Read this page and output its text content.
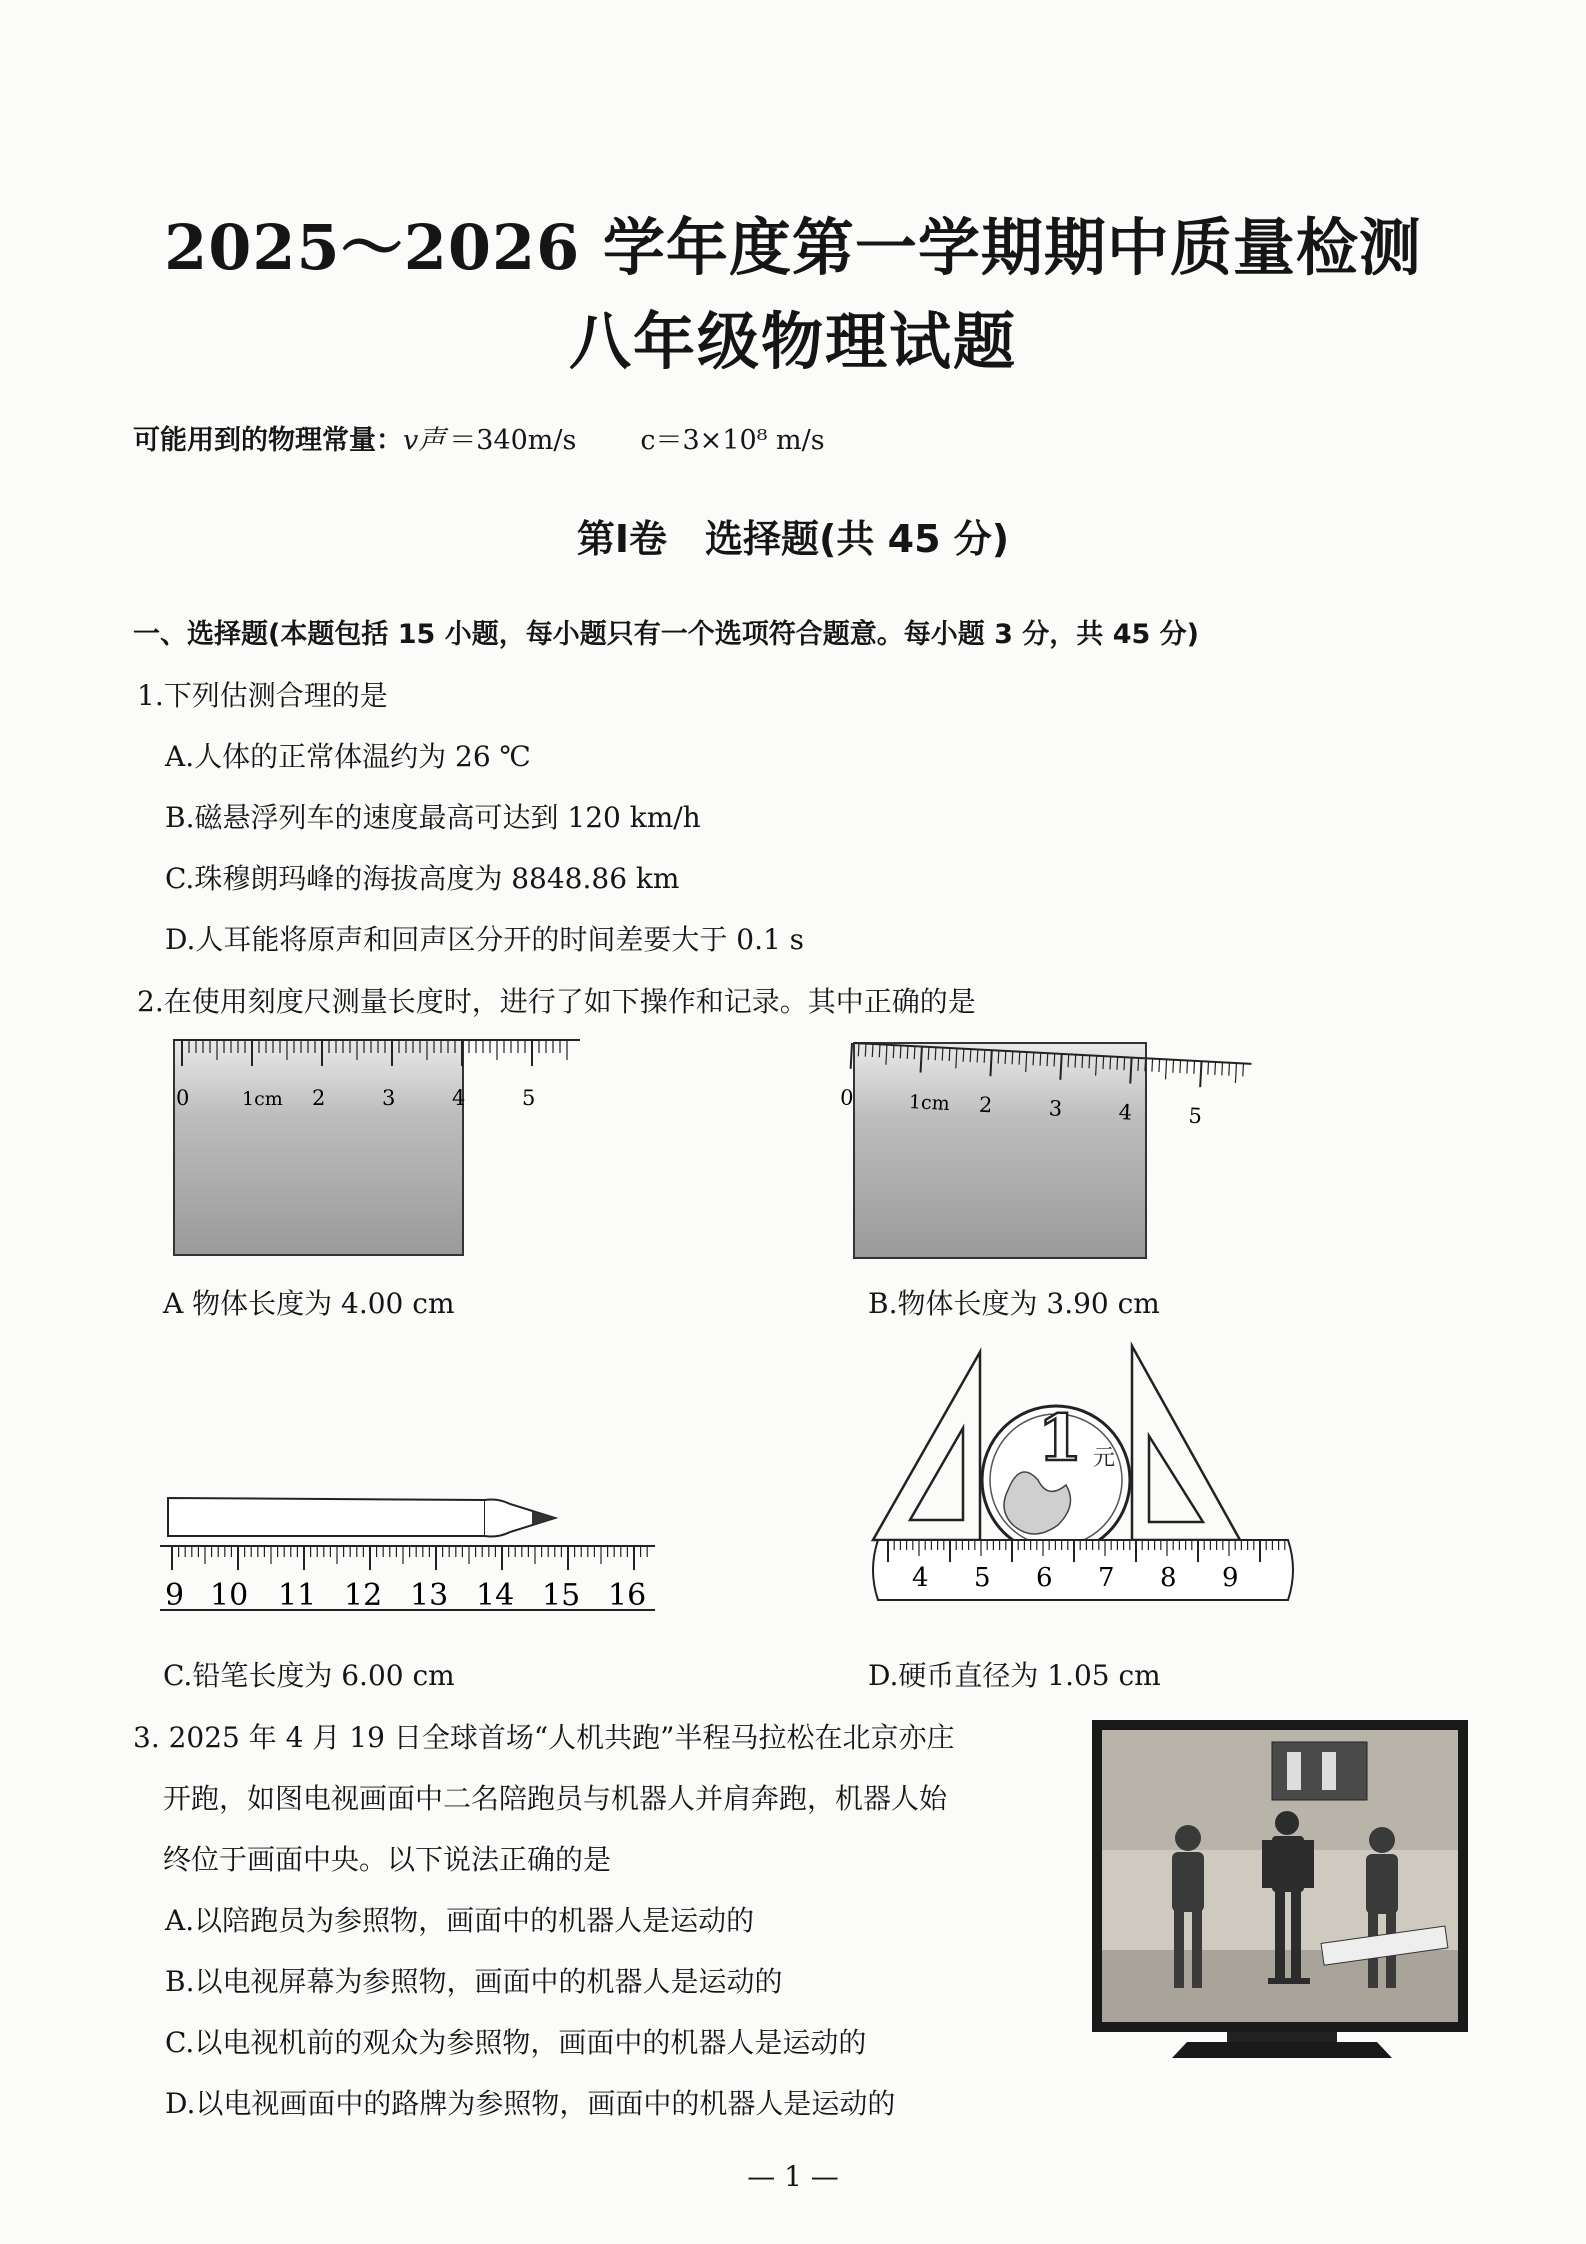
2025～2026 学年度第一学期期中质量检测
八年级物理试题
可能用到的物理常量：v声 ＝340m/s c＝3×10⁸ m/s
第Ⅰ卷　选择题(共 45 分)
一、选择题(本题包括 15 小题，每小题只有一个选项符合题意。每小题 3 分，共 45 分)
1.下列估测合理的是
A.人体的正常体温约为 26 ℃
B.磁悬浮列车的速度最高可达到 120 km/h
C.珠穆朗玛峰的海拔高度为 8848.86 km
D.人耳能将原声和回声区分开的时间差要大于 0.1 s
2.在使用刻度尺测量长度时，进行了如下操作和记录。其中正确的是
0	1cm 2	3	4	5	0	1cm 2	3	4	5
A 物体长度为 4.00 cm	B.物体长度为 3.90 cm
9 10 11 12 13 14 15 16
1 元
4 5 6 7 8 9
C.铅笔长度为 6.00 cm	D.硬币直径为 1.05 cm
3. 2025 年 4 月 19 日全球首场“人机共跑”半程马拉松在北京亦庄
开跑，如图电视画面中二名陪跑员与机器人并肩奔跑，机器人始
终位于画面中央。以下说法正确的是
A.以陪跑员为参照物，画面中的机器人是运动的
B.以电视屏幕为参照物，画面中的机器人是运动的
C.以电视机前的观众为参照物，画面中的机器人是运动的
D.以电视画面中的路牌为参照物，画面中的机器人是运动的
— 1 —
